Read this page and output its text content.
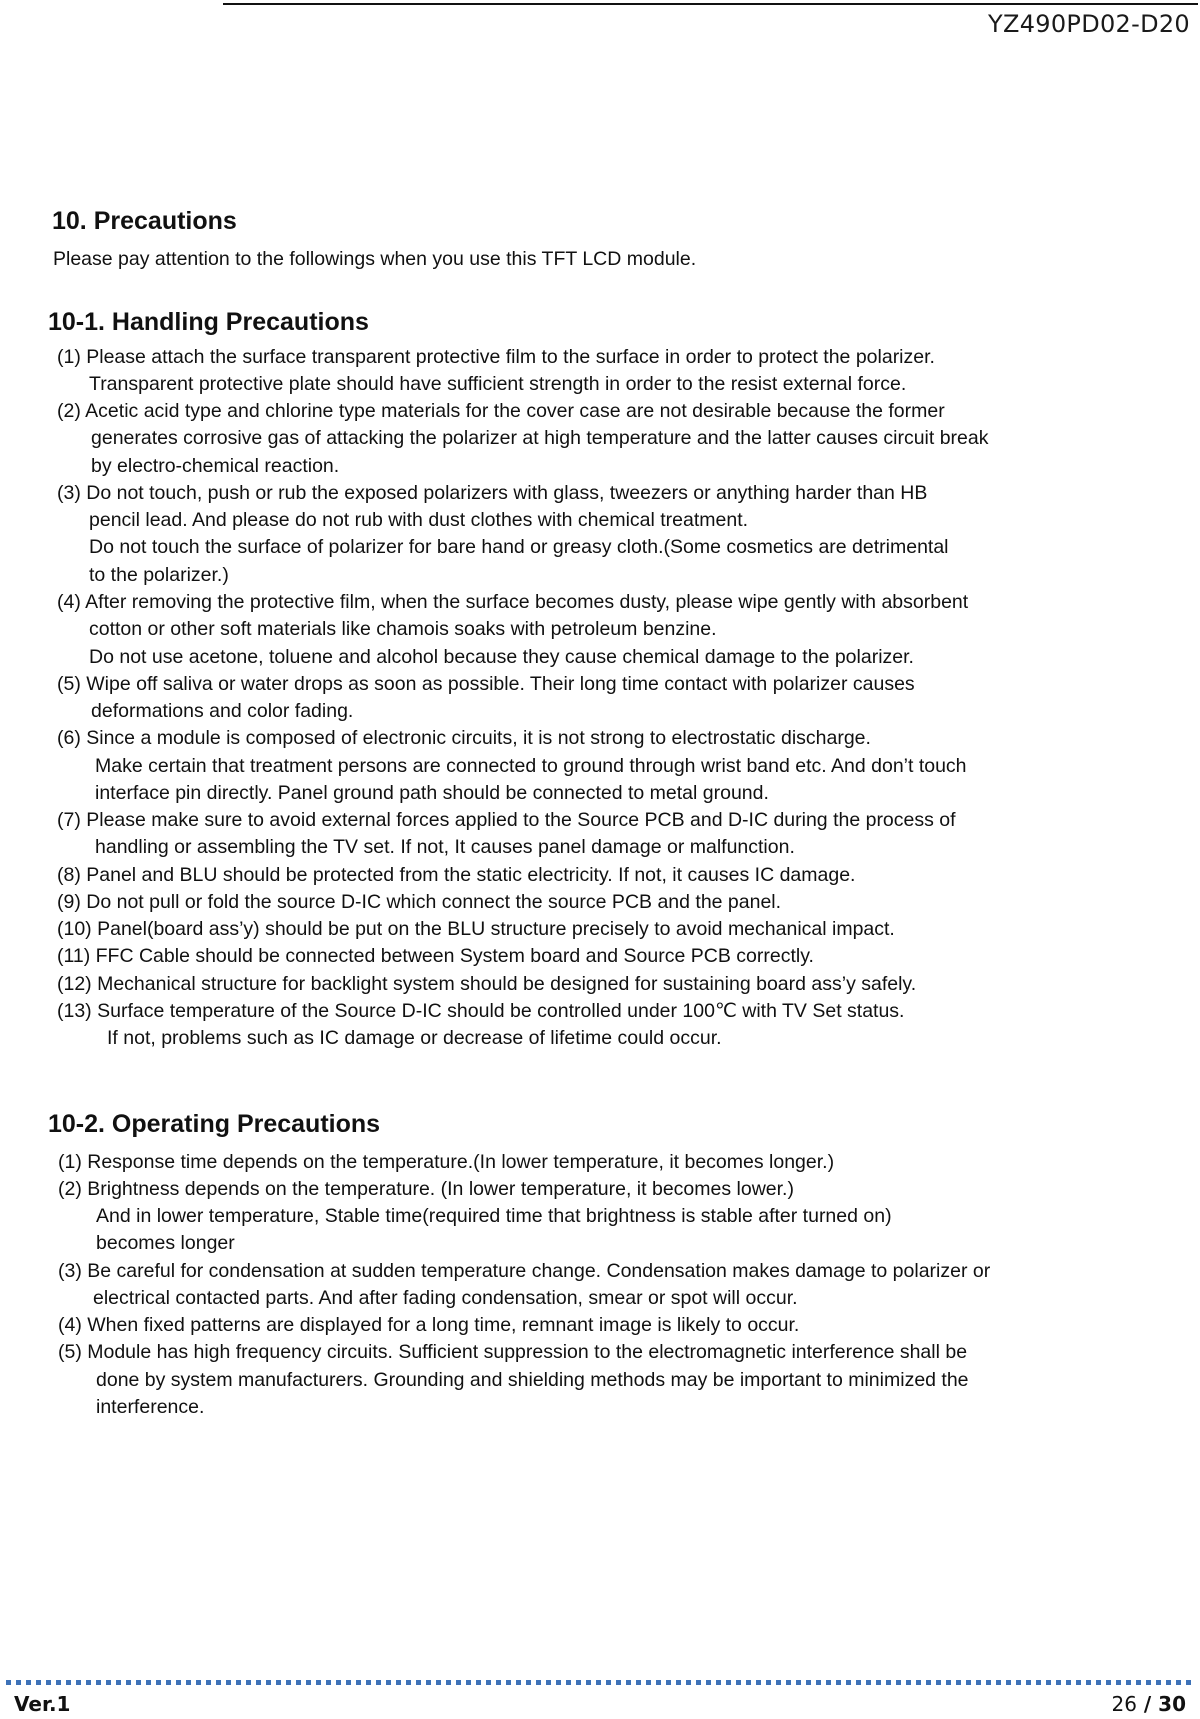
YZ490PD02-D20
10. Precautions
Please pay attention to the followings when you use this TFT LCD module.
10-1. Handling Precautions
(1) Please attach the surface transparent protective film to the surface in order to protect the polarizer.
Transparent protective plate should have sufficient strength in order to the resist external force.
(2) Acetic acid type and chlorine type materials for the cover case are not desirable because the former
generates corrosive gas of attacking the polarizer at high temperature and the latter causes circuit break
by electro-chemical reaction.
(3) Do not touch, push or rub the exposed polarizers with glass, tweezers or anything harder than HB
pencil lead. And please do not rub with dust clothes with chemical treatment.
Do not touch the surface of polarizer for bare hand or greasy cloth.(Some cosmetics are detrimental
to the polarizer.)
(4) After removing the protective film, when the surface becomes dusty, please wipe gently with absorbent
cotton or other soft materials like chamois soaks with petroleum benzine.
Do not use acetone, toluene and alcohol because they cause chemical damage to the polarizer.
(5) Wipe off saliva or water drops as soon as possible. Their long time contact with polarizer causes
deformations and color fading.
(6) Since a module is composed of electronic circuits, it is not strong to electrostatic discharge.
Make certain that treatment persons are connected to ground through wrist band etc. And don’t touch
interface pin directly. Panel ground path should be connected to metal ground.
(7) Please make sure to avoid external forces applied to the Source PCB and D-IC during the process of
handling or assembling the TV set. If not, It causes panel damage or malfunction.
(8) Panel and BLU should be protected from the static electricity. If not, it causes IC damage.
(9) Do not pull or fold the source D-IC which connect the source PCB and the panel.
(10) Panel(board ass’y) should be put on the BLU structure precisely to avoid mechanical impact.
(11) FFC Cable should be connected between System board and Source PCB correctly.
(12) Mechanical structure for backlight system should be designed for sustaining board ass’y safely.
(13) Surface temperature of the Source D-IC should be controlled under 100℃ with TV Set status.
If not, problems such as IC damage or decrease of lifetime could occur.
10-2. Operating Precautions
(1) Response time depends on the temperature.(In lower temperature, it becomes longer.)
(2) Brightness depends on the temperature. (In lower temperature, it becomes lower.)
And in lower temperature, Stable time(required time that brightness is stable after turned on)
becomes longer
(3) Be careful for condensation at sudden temperature change. Condensation makes damage to polarizer or
electrical contacted parts. And after fading condensation, smear or spot will occur.
(4) When fixed patterns are displayed for a long time, remnant image is likely to occur.
(5) Module has high frequency circuits. Sufficient suppression to the electromagnetic interference shall be
done by system manufacturers. Grounding and shielding methods may be important to minimized the
interference.
Ver.1	26 / 30
